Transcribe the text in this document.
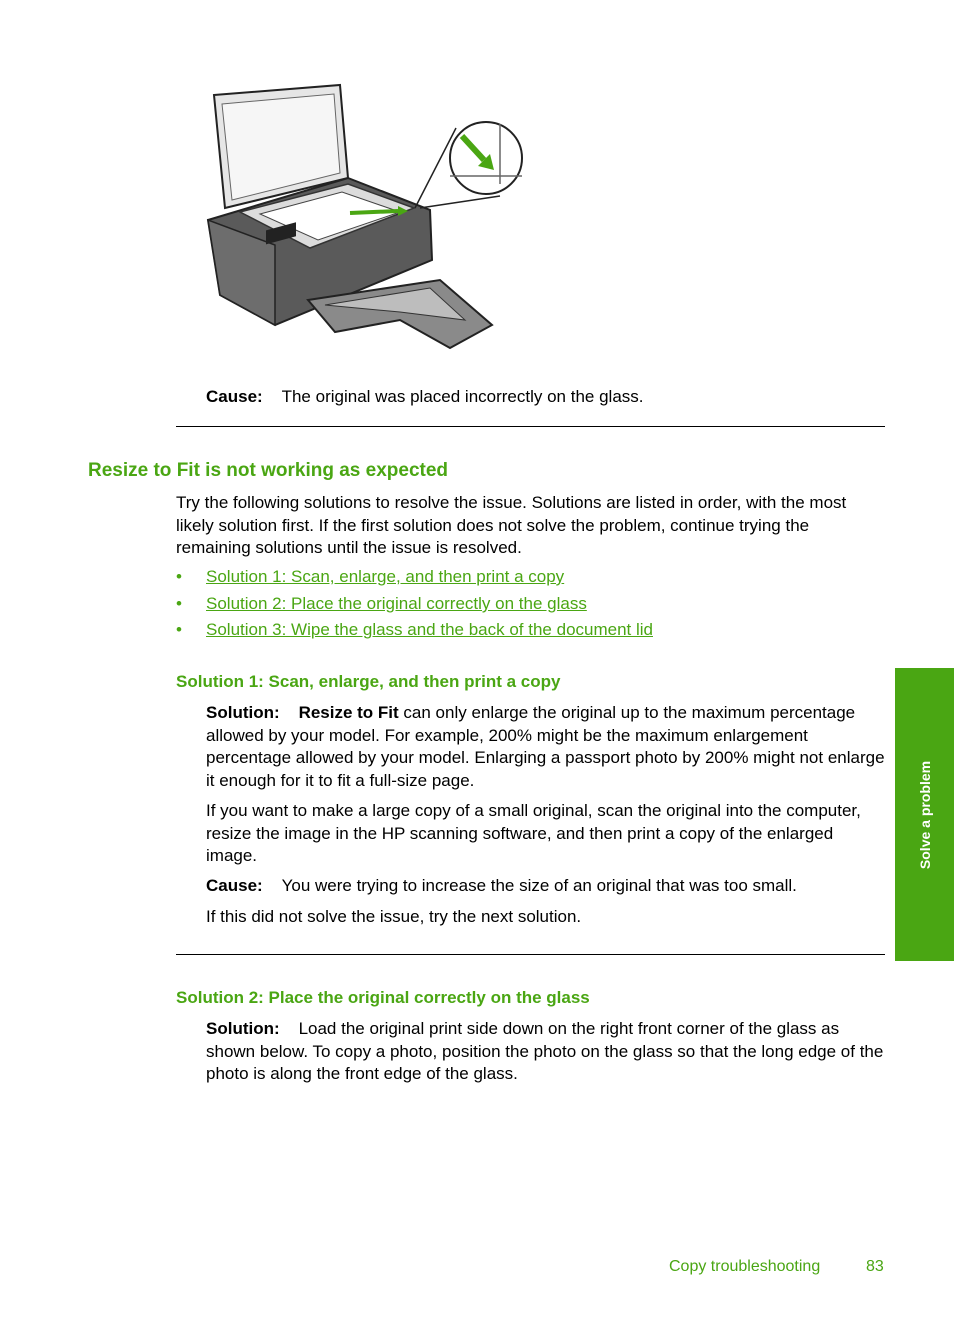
Cause: The original was placed incorrectly on the glass.

Resize to Fit is not working as expected

Try the following solutions to resolve the issue. Solutions are listed in order, with the most likely solution first. If the first solution does not solve the problem, continue trying the remaining solutions until the issue is resolved.

• Solution 1: Scan, enlarge, and then print a copy
• Solution 2: Place the original correctly on the glass
• Solution 3: Wipe the glass and the back of the document lid
Solution 1: Scan, enlarge, and then print a copy

Solution: Resize to Fit can only enlarge the original up to the maximum percentage allowed by your model. For example, 200% might be the maximum enlargement percentage allowed by your model. Enlarging a passport photo by 200% might not enlarge it enough for it to fit a full-size page.

If you want to make a large copy of a small original, scan the original into the computer, resize the image in the HP scanning software, and then print a copy of the enlarged image.

Cause: You were trying to increase the size of an original that was too small.

If this did not solve the issue, try the next solution.

Solution 2: Place the original correctly on the glass

Solution: Load the original print side down on the right front corner of the glass as shown below. To copy a photo, position the photo on the glass so that the long edge of the photo is along the front edge of the glass.

Solve a problem
Copy troubleshooting	83
